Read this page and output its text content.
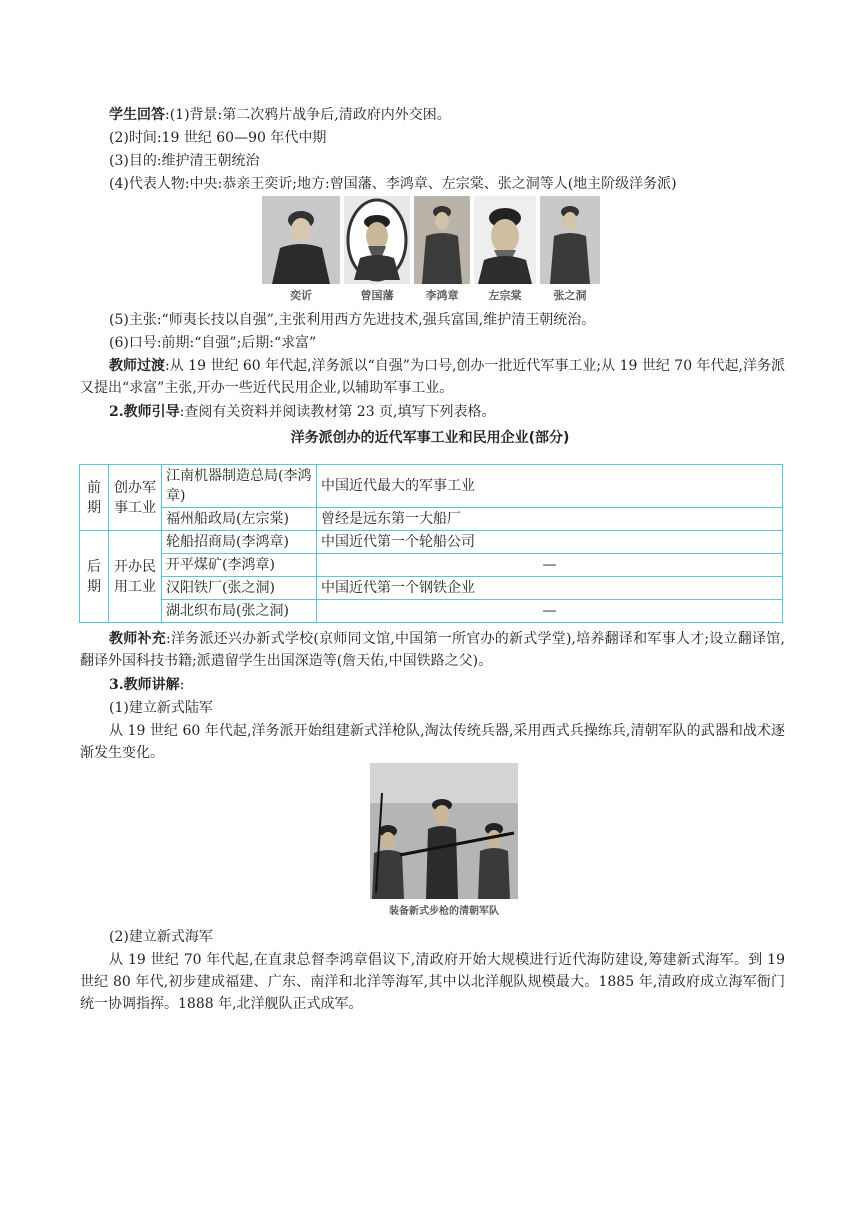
学生回答:(1)背景:第二次鸦片战争后,清政府内外交困。
(2)时间:19 世纪 60—90 年代中期
(3)目的:维护清王朝统治
(4)代表人物:中央:恭亲王奕䜣;地方:曾国藩、李鸿章、左宗棠、张之洞等人(地主阶级洋务派)
奕䜣	曾国藩	李鸿章	左宗棠	张之洞
(5)主张:“师夷长技以自强”,主张利用西方先进技术,强兵富国,维护清王朝统治。
(6)口号:前期:“自强”;后期:“求富”
教师过渡:从 19 世纪 60 年代起,洋务派以“自强”为口号,创办一批近代军事工业;从 19 世纪 70 年代起,洋务派又提出“求富”主张,开办一些近代民用企业,以辅助军事工业。
2.教师引导:查阅有关资料并阅读教材第 23 页,填写下列表格。
洋务派创办的近代军事工业和民用企业(部分)
前期	创办军事工业	江南机器制造总局(李鸿章)	中国近代最大的军事工业
		福州船政局(左宗棠)	曾经是远东第一大船厂
后期	开办民用工业	轮船招商局(李鸿章)	中国近代第一个轮船公司
		开平煤矿(李鸿章)	—
		汉阳铁厂(张之洞)	中国近代第一个钢铁企业
		湖北织布局(张之洞)	—
教师补充:洋务派还兴办新式学校(京师同文馆,中国第一所官办的新式学堂),培养翻译和军事人才;设立翻译馆,翻译外国科技书籍;派遣留学生出国深造等(詹天佑,中国铁路之父)。
3.教师讲解:
(1)建立新式陆军
从 19 世纪 60 年代起,洋务派开始组建新式洋枪队,淘汰传统兵器,采用西式兵操练兵,清朝军队的武器和战术逐渐发生变化。
装备新式步枪的清朝军队
(2)建立新式海军
从 19 世纪 70 年代起,在直隶总督李鸿章倡议下,清政府开始大规模进行近代海防建设,筹建新式海军。到 19 世纪 80 年代,初步建成福建、广东、南洋和北洋等海军,其中以北洋舰队规模最大。1885 年,清政府成立海军衙门统一协调指挥。1888 年,北洋舰队正式成军。
